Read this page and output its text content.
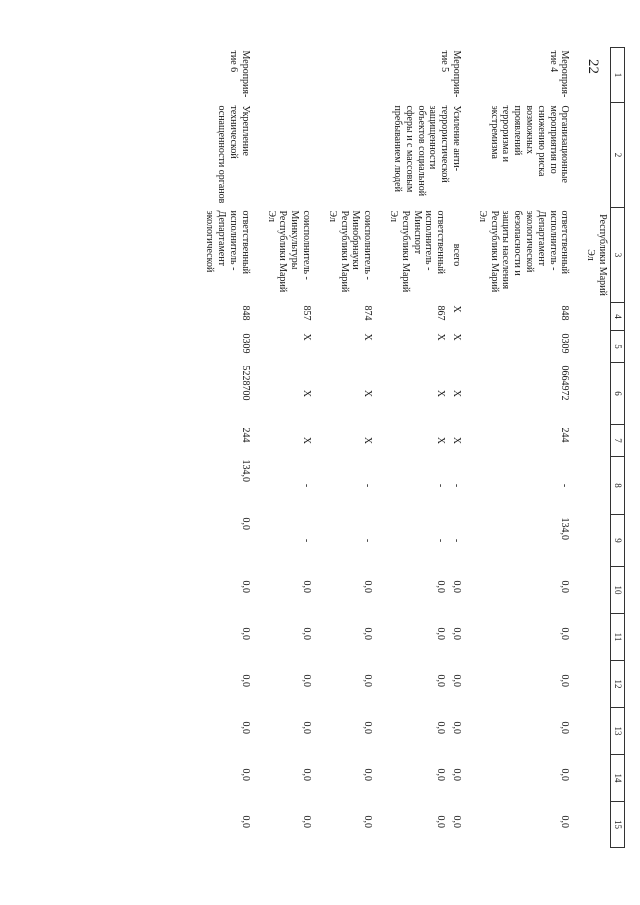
22
1	2	3	4	5	6	7	8	9	10	11	12	13	14	15
		Республики Марий Эл												
Мероприя-тие 4	Организационные мероприятия по снижению риска возможных проявлений терроризма и экстремизма	ответственный исполнитель - Департамент экологической безопасности и защиты населения Республики Марий Эл	848	0309	0664972	244	-	134,0	0,0	0,0	0,0	0,0	0,0	0,0
Мероприя-тие 5	Усиление анти-террористической защищенности объектов социальной сферы и с массовым пребыванием людей	всего	X	X	X	X	-	-	0,0	0,0	0,0	0,0	0,0	0,0
		ответственный исполнитель - Минспорт Республики Марий Эл	867	X	X	X	-	-	0,0	0,0	0,0	0,0	0,0	0,0
		соисполнитель - Минобрнауки Республики Марий Эл	874	X	X	X	-	-	0,0	0,0	0,0	0,0	0,0	0,0
		соисполнитель - Минкультуры Республики Марий Эл	857	X	X	X	-	-	0,0	0,0	0,0	0,0	0,0	0,0
Мероприя-тие 6	Укрепление технической оснащенности органов	ответственный исполнитель - Департамент экологической	848	0309	5228700	244	134,0	0,0	0,0	0,0	0,0	0,0	0,0	0,0
